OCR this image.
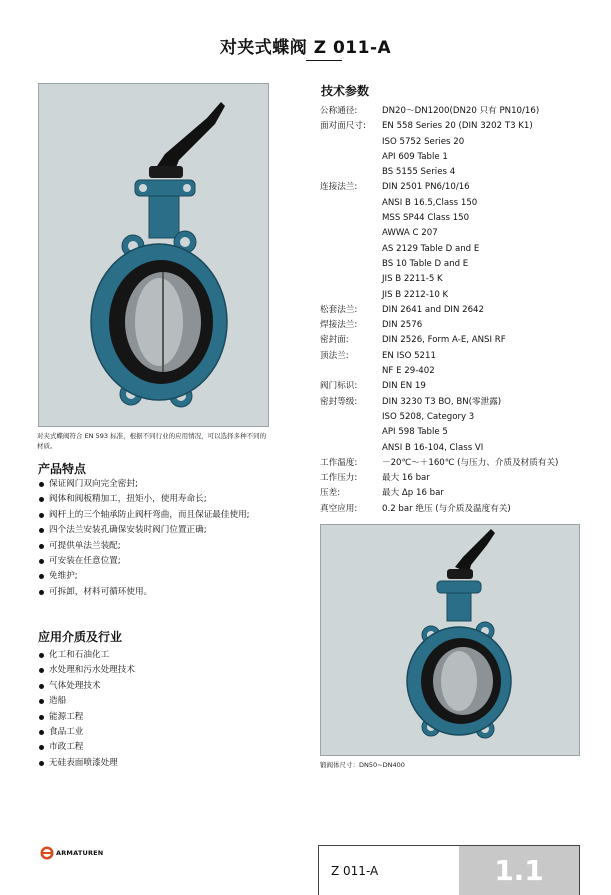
对夹式蝶阀 Z 011-A
对夹式蝶阀符合 EN 593 标准，根据不同行业的应用情况，可以选择多种不同的材质。
技术参数
公称通径:	DN20～DN1200(DN20 只有 PN10/16)
面对面尺寸:	EN 558 Series 20 (DIN 3202 T3 K1)
ISO 5752 Series 20
API 609 Table 1
BS 5155 Series 4
连接法兰:	DIN 2501 PN6/10/16
ANSI B 16.5,Class 150
MSS SP44 Class 150
AWWA C 207
AS 2129 Table D and E
BS 10 Table D and E
JIS B 2211-5 K
JIS B 2212-10 K
松套法兰:	DIN 2641 and DIN 2642
焊接法兰:	DIN 2576
密封面:	DIN 2526, Form A-E, ANSI RF
顶法兰:	EN ISO 5211
NF E 29-402
阀门标识:	DIN EN 19
密封等级:	DIN 3230 T3 BO, BN(零泄露)
ISO 5208, Category 3
API 598 Table 5
ANSI B 16-104, Class VI
工作温度:	－20℃～＋160℃ (与压力、介质及材质有关)
工作压力:	最大 16 bar
压差:	最大 Δp 16 bar
真空应用:	0.2 bar 绝压 (与介质及温度有关)
产品特点
保证阀门双向完全密封;
阀体和阀板精加工，扭矩小，使用寿命长;
阀杆上的三个轴承防止阀杆弯曲，而且保证最佳使用;
四个法兰安装孔确保安装时阀门位置正确;
可提供单法兰装配;
可安装在任意位置;
免维护;
可拆卸，材料可循环使用。
应用介质及行业
化工和石油化工
水处理和污水处理技术
气体处理技术
造船
能源工程
食品工业
市政工程
无硅表面喷漆处理	锻阀体尺寸：DN50~DN400
ARMATUREN
Z 011-A	1.1
